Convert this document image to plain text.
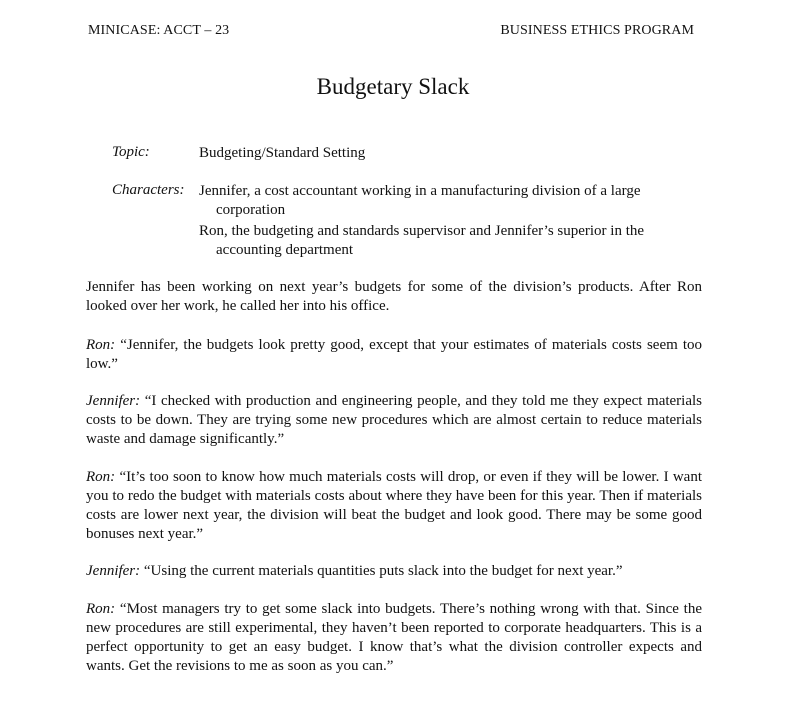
MINICASE: ACCT – 23	BUSINESS ETHICS PROGRAM
Budgetary Slack
Topic:	Budgeting/Standard Setting
Characters: Jennifer, a cost accountant working in a manufacturing division of a large corporation
Ron, the budgeting and standards supervisor and Jennifer’s superior in the accounting department
Jennifer has been working on next year’s budgets for some of the division’s products. After Ron looked over her work, he called her into his office.
Ron: “Jennifer, the budgets look pretty good, except that your estimates of materials costs seem too low.”
Jennifer: “I checked with production and engineering people, and they told me they expect materials costs to be down. They are trying some new procedures which are almost certain to reduce materials waste and damage significantly.”
Ron: “It’s too soon to know how much materials costs will drop, or even if they will be lower. I want you to redo the budget with materials costs about where they have been for this year. Then if materials costs are lower next year, the division will beat the budget and look good. There may be some good bonuses next year.”
Jennifer: “Using the current materials quantities puts slack into the budget for next year.”
Ron: “Most managers try to get some slack into budgets. There’s nothing wrong with that. Since the new procedures are still experimental, they haven’t been reported to corporate headquarters. This is a perfect opportunity to get an easy budget. I know that’s what the division controller expects and wants. Get the revisions to me as soon as you can.”
